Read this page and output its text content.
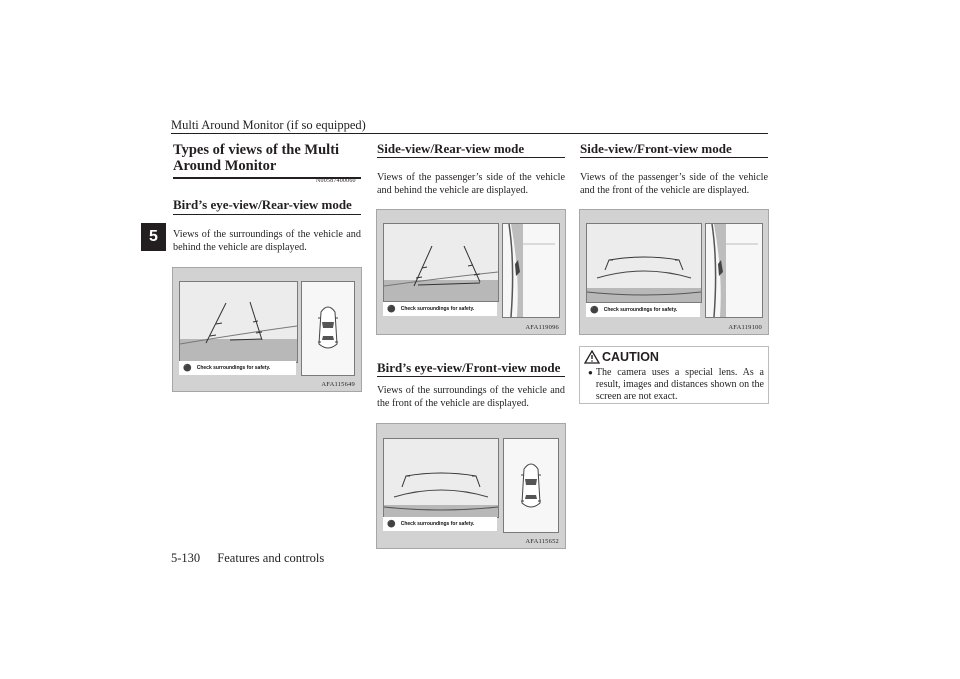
Multi Around Monitor (if so equipped)
5
5-130 Features and controls
Types of views of the Multi Around Monitor
N00587400060
Bird’s eye-view/Rear-view mode
Views of the surroundings of the vehicle and behind the vehicle are displayed.
⚫ Check surroundings for safety.
AFA115649
Side-view/Rear-view mode
Views of the passenger’s side of the vehicle and behind the vehicle are displayed.
⚫ Check surroundings for safety.
AFA119096
Bird’s eye-view/Front-view mode
Views of the surroundings of the vehicle and the front of the vehicle are displayed.
⚫ Check surroundings for safety.
AFA115652
Side-view/Front-view mode
Views of the passenger’s side of the vehicle and the front of the vehicle are displayed.
⚫ Check surroundings for safety.
AFA119100
CAUTION
● The camera uses a special lens. As a result, images and distances shown on the screen are not exact.
